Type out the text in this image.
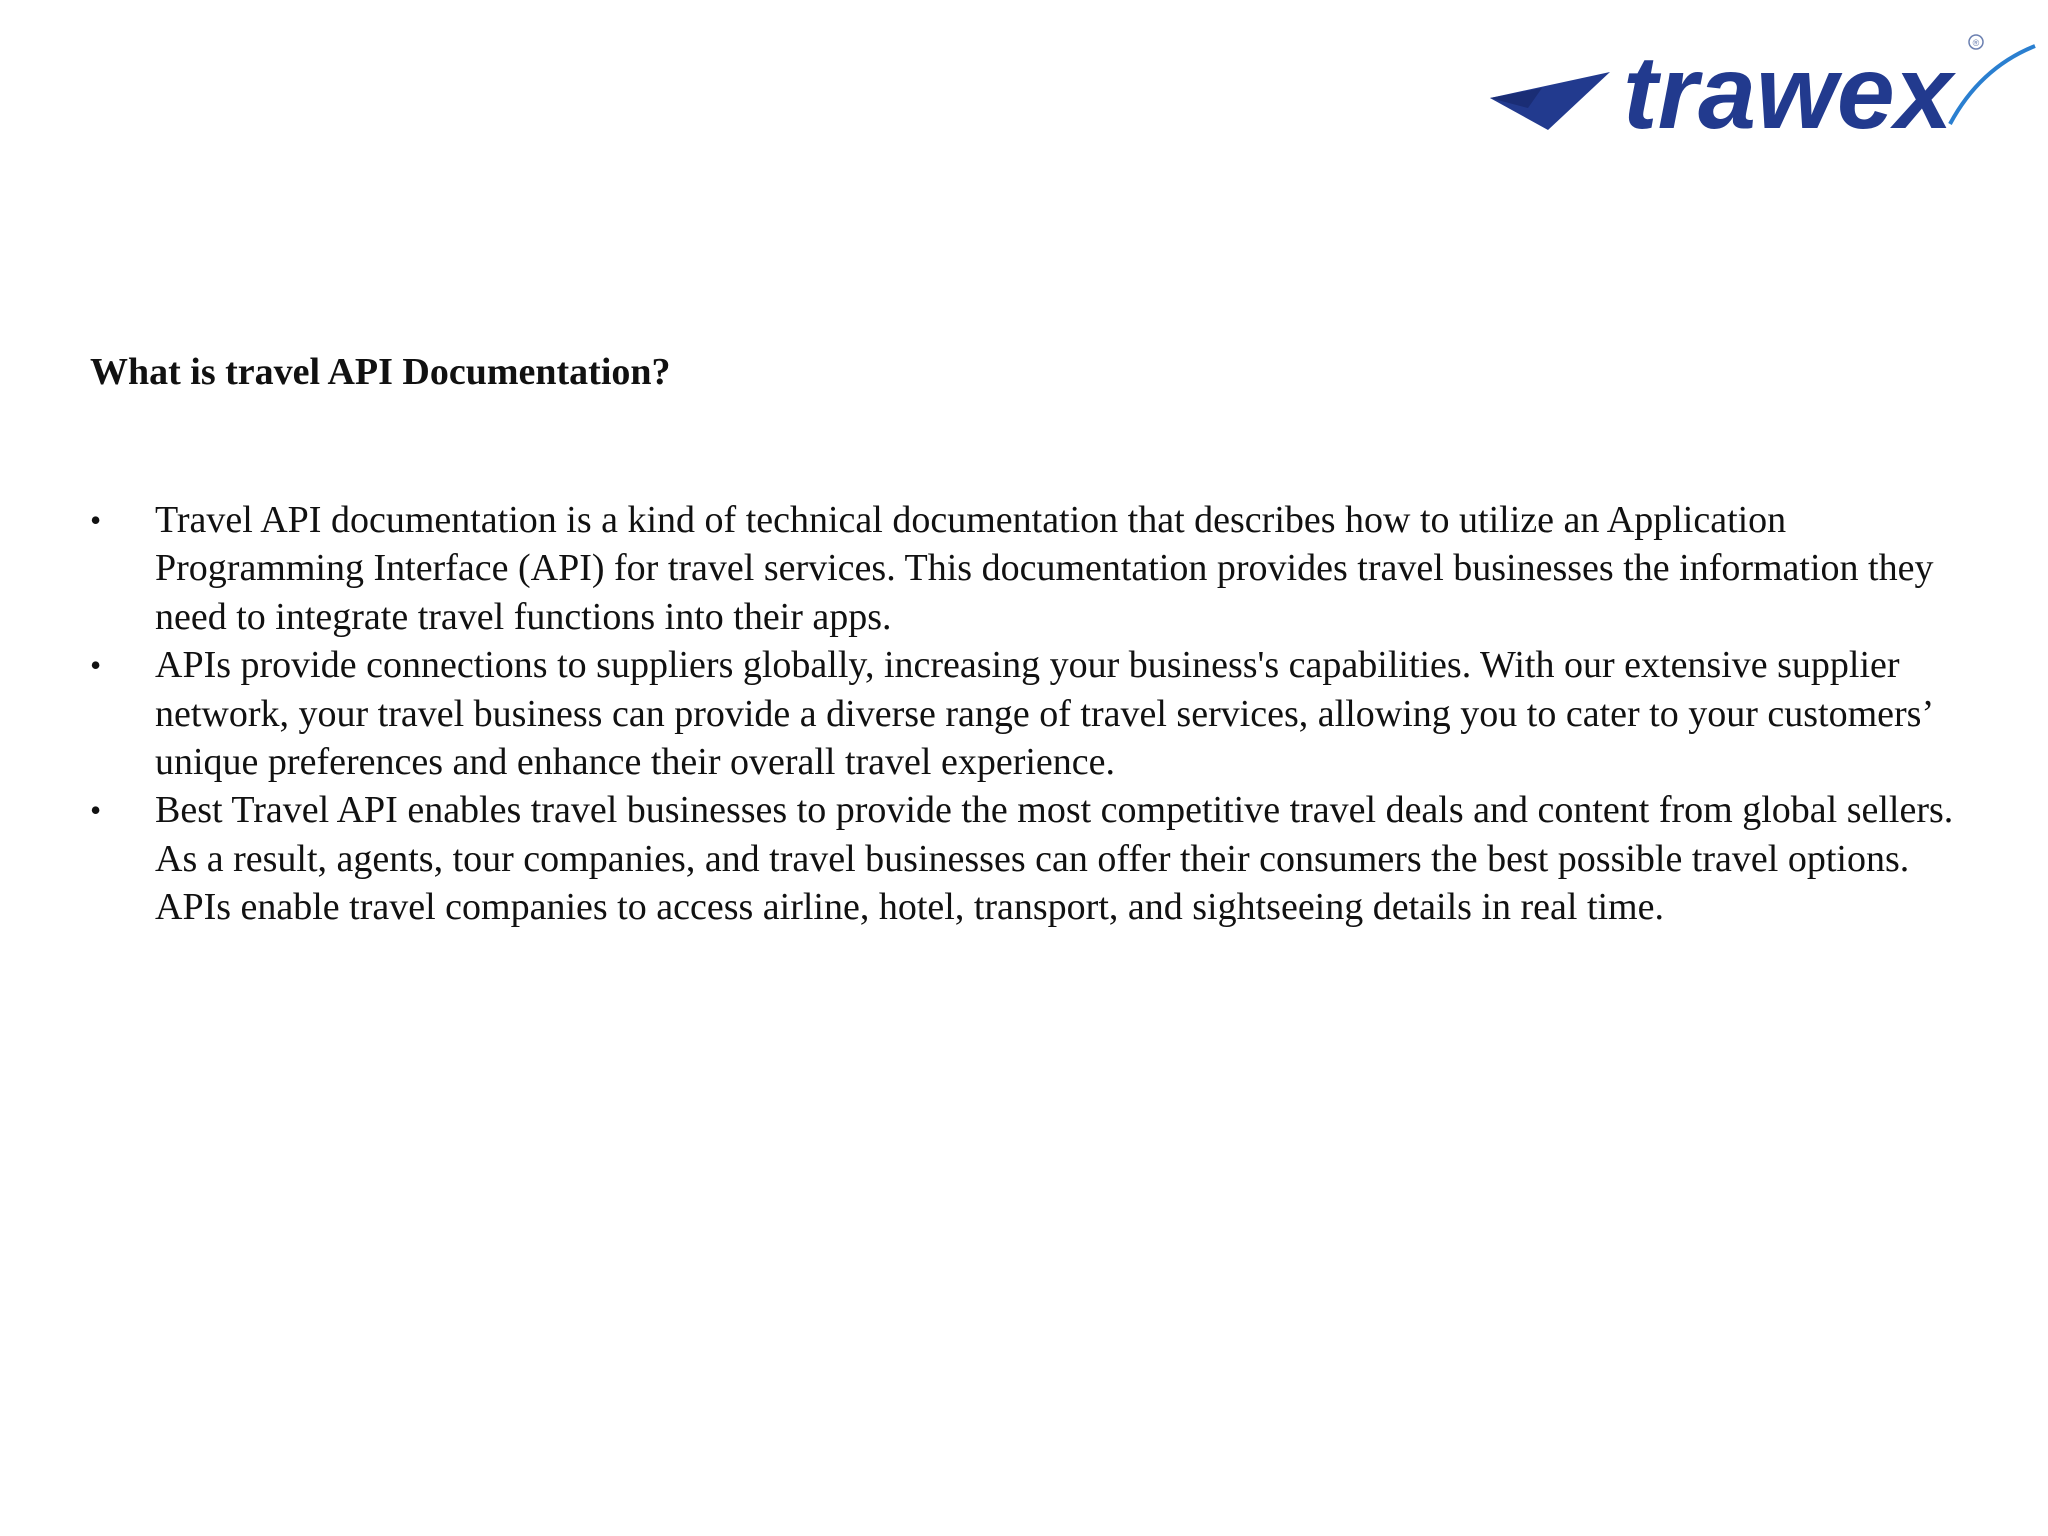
trawex	®
What is travel API Documentation?
• Travel API documentation is a kind of technical documentation that describes how to utilize an Application Programming Interface (API) for travel services. This documentation provides travel businesses the information they need to integrate travel functions into their apps.
• APIs provide connections to suppliers globally, increasing your business's capabilities. With our extensive supplier network, your travel business can provide a diverse range of travel services, allowing you to cater to your customers’ unique preferences and enhance their overall travel experience.
• Best Travel API enables travel businesses to provide the most competitive travel deals and content from global sellers. As a result, agents, tour companies, and travel businesses can offer their consumers the best possible travel options. APIs enable travel companies to access airline, hotel, transport, and sightseeing details in real time.
